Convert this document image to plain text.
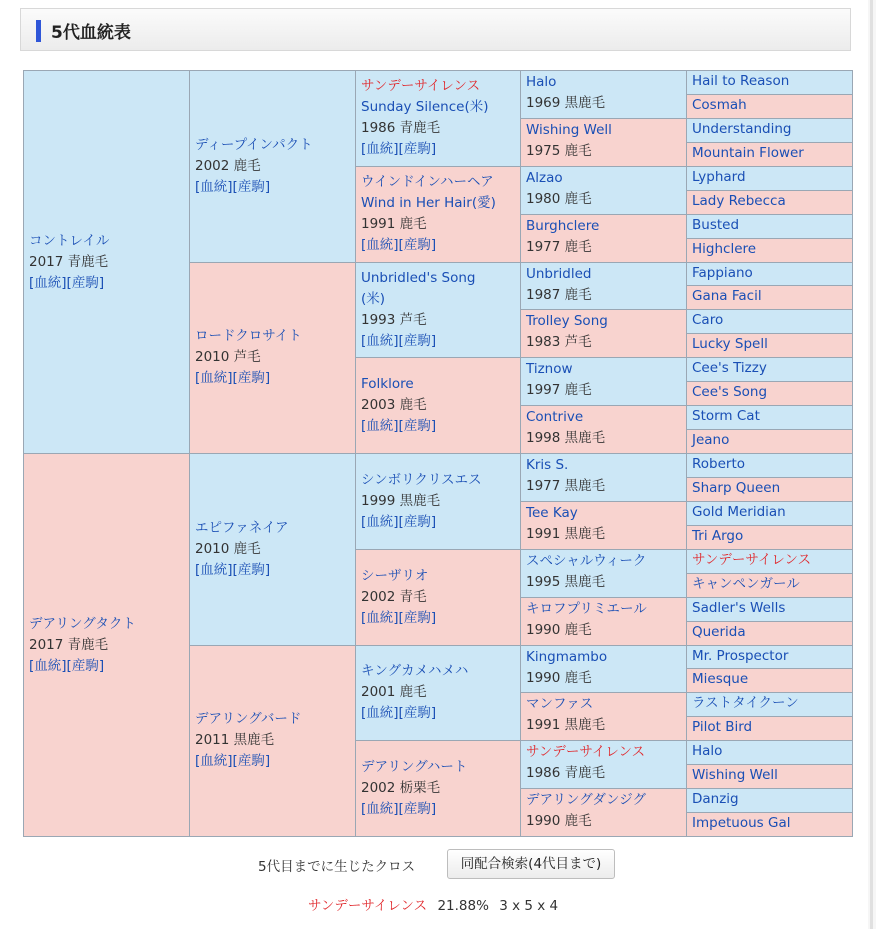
5代血統表
コントレイル
2017 青鹿毛
[血統][産駒]
デアリングタクト
2017 青鹿毛
[血統][産駒]
ディープインパクト
2002 鹿毛
[血統][産駒]
ロードクロサイト
2010 芦毛
[血統][産駒]
エピファネイア
2010 鹿毛
[血統][産駒]
デアリングバード
2011 黒鹿毛
[血統][産駒]
サンデーサイレンス
Sunday Silence(米)
1986 青鹿毛
[血統][産駒]
ウインドインハーヘア
Wind in Her Hair(愛)
1991 鹿毛
[血統][産駒]
Unbridled's Song
(米)
1993 芦毛
[血統][産駒]
Folklore
2003 鹿毛
[血統][産駒]
シンボリクリスエス
1999 黒鹿毛
[血統][産駒]
シーザリオ
2002 青毛
[血統][産駒]
キングカメハメハ
2001 鹿毛
[血統][産駒]
デアリングハート
2002 栃栗毛
[血統][産駒]
Halo
1969 黒鹿毛
Wishing Well
1975 鹿毛
Alzao
1980 鹿毛
Burghclere
1977 鹿毛
Unbridled
1987 鹿毛
Trolley Song
1983 芦毛
Tiznow
1997 鹿毛
Contrive
1998 黒鹿毛
Kris S.
1977 黒鹿毛
Tee Kay
1991 黒鹿毛
スペシャルウィーク
1995 黒鹿毛
キロフプリミエール
1990 鹿毛
Kingmambo
1990 鹿毛
マンファス
1991 黒鹿毛
サンデーサイレンス
1986 青鹿毛
デアリングダンジグ
1990 鹿毛
Hail to Reason
Cosmah
Understanding
Mountain Flower
Lyphard
Lady Rebecca
Busted
Highclere
Fappiano
Gana Facil
Caro
Lucky Spell
Cee's Tizzy
Cee's Song
Storm Cat
Jeano
Roberto
Sharp Queen
Gold Meridian
Tri Argo
サンデーサイレンス
キャンペンガール
Sadler's Wells
Querida
Mr. Prospector
Miesque
ラストタイクーン
Pilot Bird
Halo
Wishing Well
Danzig
Impetuous Gal
5代目までに生じたクロス	同配合検索(4代目まで)
サンデーサイレンス 21.88% 3 x 5 x 4
